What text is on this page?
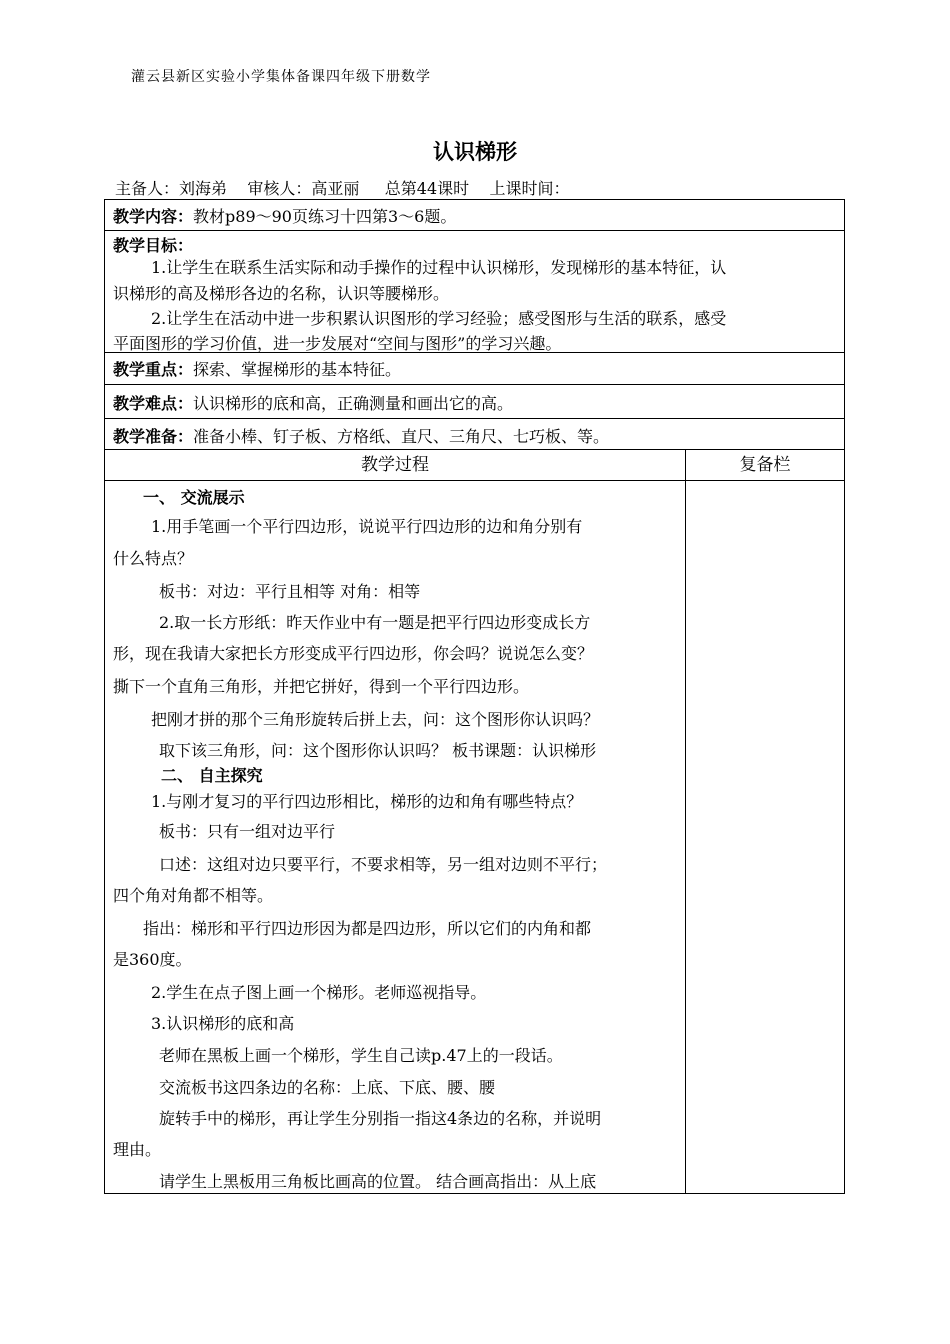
灌云县新区实验小学集体备课四年级下册数学
认识梯形
主备人：刘海弟    审核人：高亚丽     总第44课时    上课时间：
教学内容：教材p89～90页练习十四第3～6题。
教学目标：
1.让学生在联系生活实际和动手操作的过程中认识梯形，发现梯形的基本特征，认
识梯形的高及梯形各边的名称，认识等腰梯形。
2.让学生在活动中进一步积累认识图形的学习经验；感受图形与生活的联系，感受
平面图形的学习价值，进一步发展对“空间与图形”的学习兴趣。
教学重点：探索、掌握梯形的基本特征。
教学难点：认识梯形的底和高，正确测量和画出它的高。
教学准备：准备小棒、钉子板、方格纸、直尺、三角尺、七巧板、等。
教学过程	复备栏
一、 交流展示
1.用手笔画一个平行四边形，说说平行四边形的边和角分别有
什么特点？
板书：对边：平行且相等 对角：相等
2.取一长方形纸：昨天作业中有一题是把平行四边形变成长方
形，现在我请大家把长方形变成平行四边形，你会吗？说说怎么变？
撕下一个直角三角形，并把它拼好，得到一个平行四边形。
把刚才拼的那个三角形旋转后拼上去，问：这个图形你认识吗？
取下该三角形，问：这个图形你认识吗？ 板书课题：认识梯形
二、 自主探究
1.与刚才复习的平行四边形相比，梯形的边和角有哪些特点？
板书：只有一组对边平行
口述：这组对边只要平行，不要求相等，另一组对边则不平行；
四个角对角都不相等。
指出：梯形和平行四边形因为都是四边形，所以它们的内角和都
是360度。
2.学生在点子图上画一个梯形。老师巡视指导。
3.认识梯形的底和高
老师在黑板上画一个梯形，学生自己读p.47上的一段话。
交流板书这四条边的名称：上底、下底、腰、腰
旋转手中的梯形，再让学生分别指一指这4条边的名称，并说明
理由。
请学生上黑板用三角板比画高的位置。 结合画高指出：从上底
